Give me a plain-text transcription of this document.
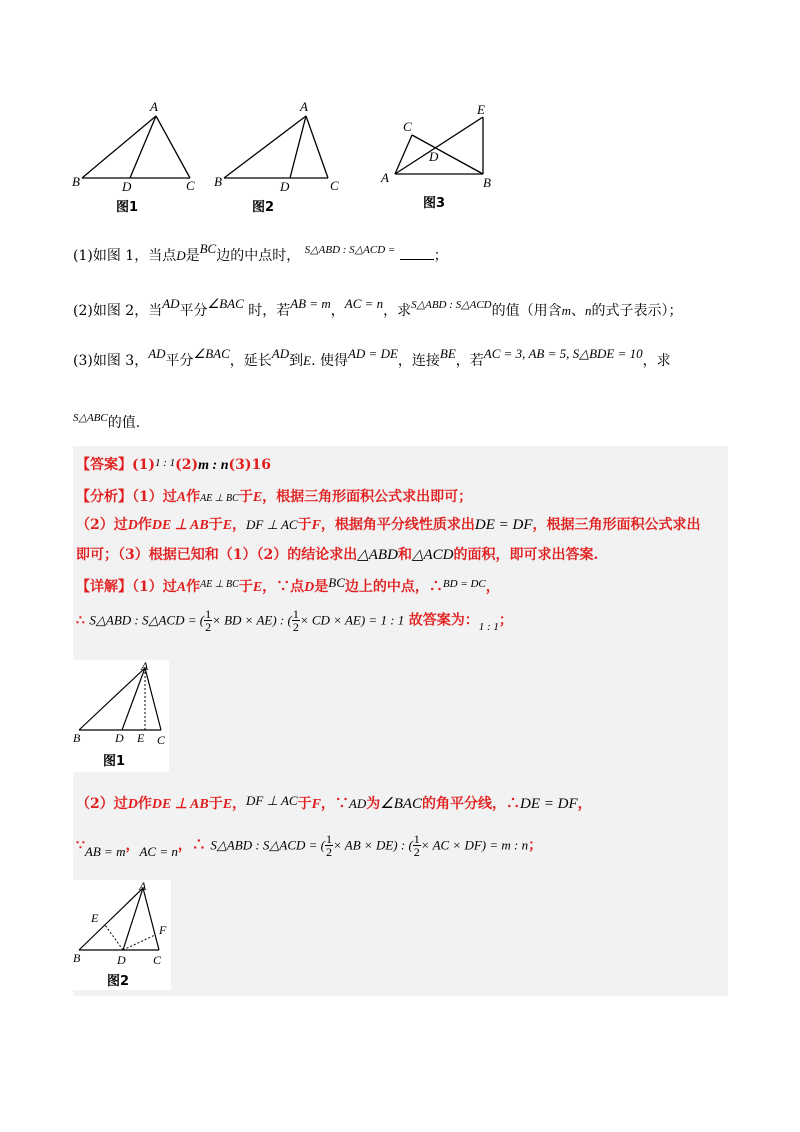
A
B	D	C
图1
A
B	D	C
图2
C
E
D
A	B
图3
(1)如图 1，当点D是BC边的中点时， $^{S\triangle ABD : S\triangle ACD =}$	；
(2)如图 2，当AD平分∠BAC 时，若AB = m，AC = n，求$^{S\triangle ABD : S\triangle ACD}$的值（用含m、n的式子表示）；
(3)如图 3，AD平分∠BAC，延长AD到E. 使得AD = DE，连接BE，若AC = 3, AB = 5, S△BDE = 10，求
$^{S\triangle ABC}$的值.
【答案】$(1)^{1 : 1}(2)m$ : n(3)16
【分析】（1）过A作AE ⊥ BC于E，根据三角形面积公式求出即可；
（2）过D作DE ⊥ AB于E，DF ⊥ AC于F，根据角平分线性质求出DE = DF，根据三角形面积公式求出
即可；（3）根据已知和（1）（2）的结论求出△ABD和△ACD的面积，即可求出答案.
【详解】（1）过A作$^{AE \perp BC}$于E，∵点D是BC边上的中点，∴$^{BD = DC}$，
∴ S△ABD : S△ACD = ( $\frac{1}{2}$ × BD × AE) : ( $\frac{1}{2}$ × CD × AE) = 1 : 1 故答案为：$_{1 : 1}$；
A
B	D E C
图1
（2）过D作DE ⊥ AB于E，DF ⊥ AC于F，∵AD为∠BAC的角平分线，∴DE = DF，
∵AB = m，AC = n，∴ S△ABD : S△ACD = ( $\frac{1}{2}$ × AB × DE) : ( $\frac{1}{2}$ × AC × DF) = m : n；
A
E
F
B	D C
图2
